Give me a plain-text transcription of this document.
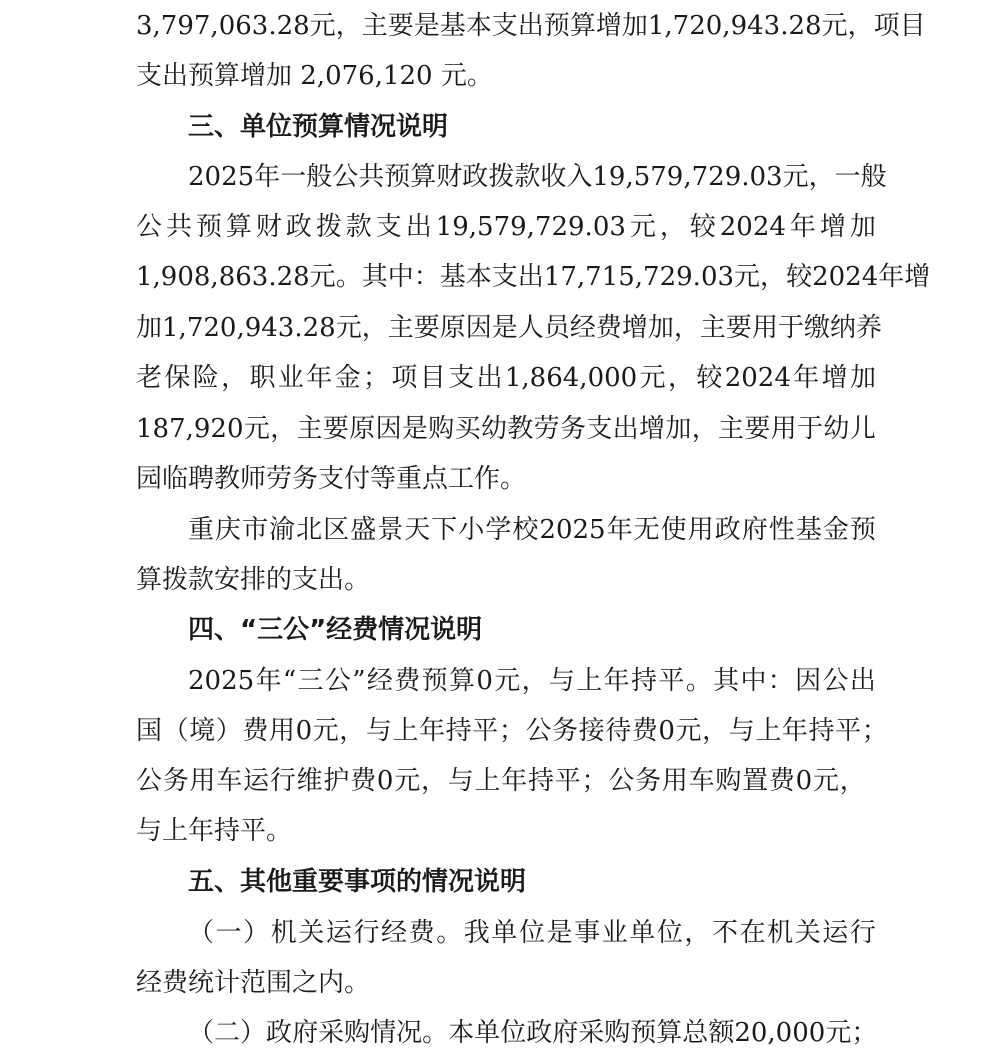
3,797,063.28 元 ， 主 要 是 基 本 支 出 预 算 增 加 1,720,943.28 元 ， 项 目

支出预算增加 2,076,120 元。

三、单位预算情况说明

2025 年 一 般 公 共 预 算 财 政 拨 款 收 入 19,579,729.03 元 ， 一 般

公 共 预 算 财 政 拨 款 支 出 19,579,729.03 元 ， 较 2024 年 增 加

1,908,863.28 元 。 其 中 ： 基 本 支 出 17,715,729.03 元 ， 较 2024 年 增

加 1,720,943.28 元 ， 主 要 原 因 是 人 员 经 费 增 加 ， 主 要 用 于 缴 纳 养

老 保 险 ， 职 业 年 金 ； 项 目 支 出 1,864,000 元 ， 较 2024 年 增 加

187,920 元 ， 主 要 原 因 是 购 买 幼 教 劳 务 支 出 增 加 ， 主 要 用 于 幼 儿

园临聘教师劳务支付等重点工作。

重 庆 市 渝 北 区 盛 景 天 下 小 学 校 2025 年 无 使 用 政 府 性 基 金 预

算拨款安排的支出。

四、“三公”经费情况说明

2025 年 “ 三 公 ” 经 费 预 算 0 元 ， 与 上 年 持 平 。 其 中 ： 因 公 出

国 （ 境 ） 费 用 0 元 ， 与 上 年 持 平 ； 公 务 接 待 费 0 元 ， 与 上 年 持 平 ；

公 务 用 车 运 行 维 护 费 0 元 ， 与 上 年 持 平 ； 公 务 用 车 购 置 费 0 元 ，

与上年持平。

五、其他重要事项的情况说明

（ 一 ） 机 关 运 行 经 费 。 我 单 位 是 事 业 单 位 ， 不 在 机 关 运 行

经费统计范围之内。

（ 二 ） 政 府 采 购 情 况 。 本 单 位 政 府 采 购 预 算 总 额 20,000 元 ；
